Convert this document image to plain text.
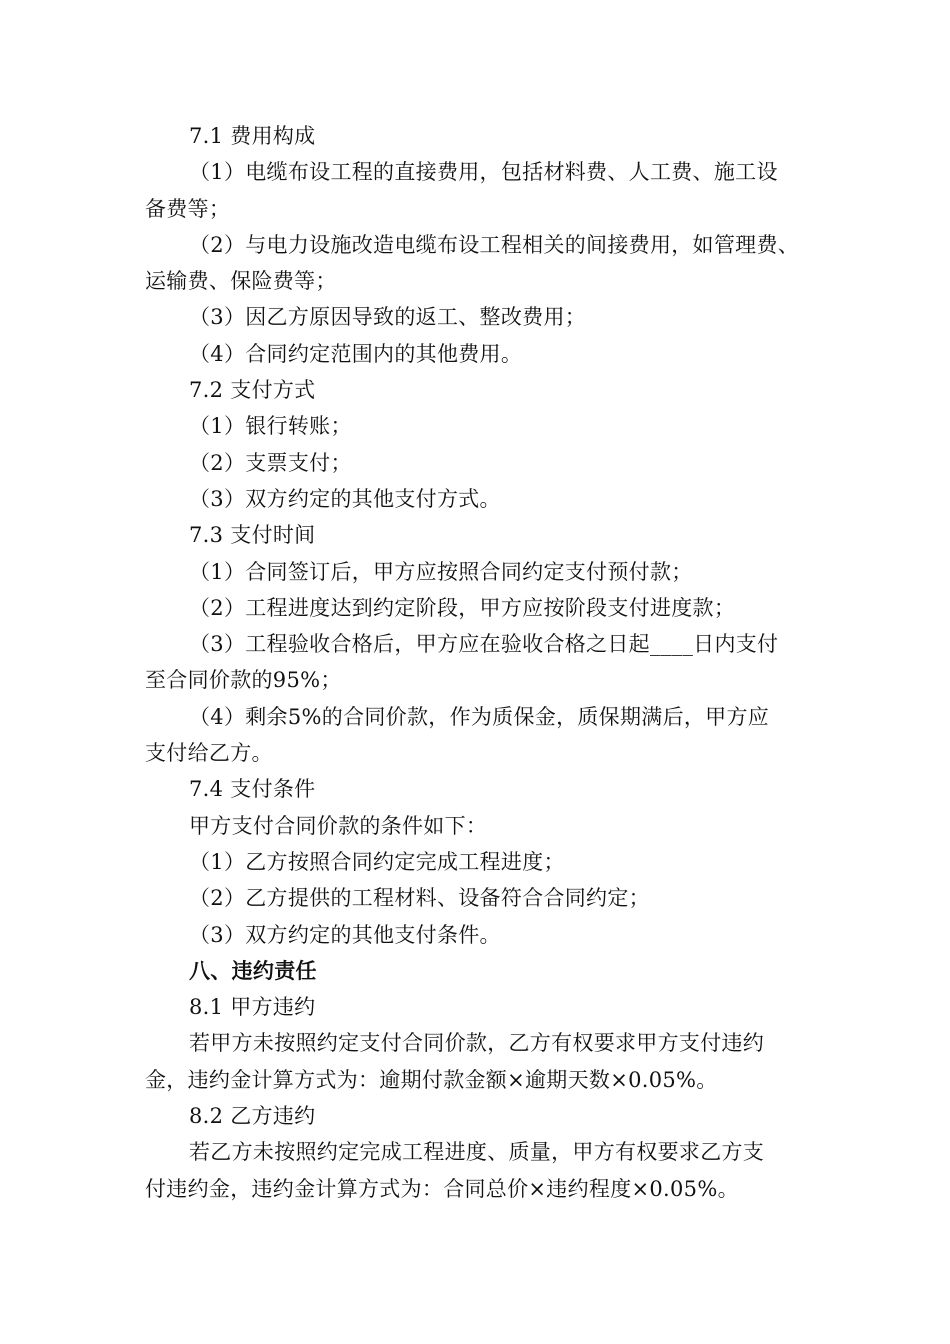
7.1 费用构成
（1）电缆布设工程的直接费用，包括材料费、人工费、施工设
备费等；
（2）与电力设施改造电缆布设工程相关的间接费用，如管理费、
运输费、保险费等；
（3）因乙方原因导致的返工、整改费用；
（4）合同约定范围内的其他费用。
7.2 支付方式
（1）银行转账；
（2）支票支付；
（3）双方约定的其他支付方式。
7.3 支付时间
（1）合同签订后，甲方应按照合同约定支付预付款；
（2）工程进度达到约定阶段，甲方应按阶段支付进度款；
（3）工程验收合格后，甲方应在验收合格之日起____日内支付
至合同价款的95%；
（4）剩余5%的合同价款，作为质保金，质保期满后，甲方应
支付给乙方。
7.4 支付条件
甲方支付合同价款的条件如下：
（1）乙方按照合同约定完成工程进度；
（2）乙方提供的工程材料、设备符合合同约定；
（3）双方约定的其他支付条件。
八、违约责任
8.1 甲方违约
若甲方未按照约定支付合同价款，乙方有权要求甲方支付违约
金，违约金计算方式为：逾期付款金额×逾期天数×0.05%。
8.2 乙方违约
若乙方未按照约定完成工程进度、质量，甲方有权要求乙方支
付违约金，违约金计算方式为：合同总价×违约程度×0.05%。
